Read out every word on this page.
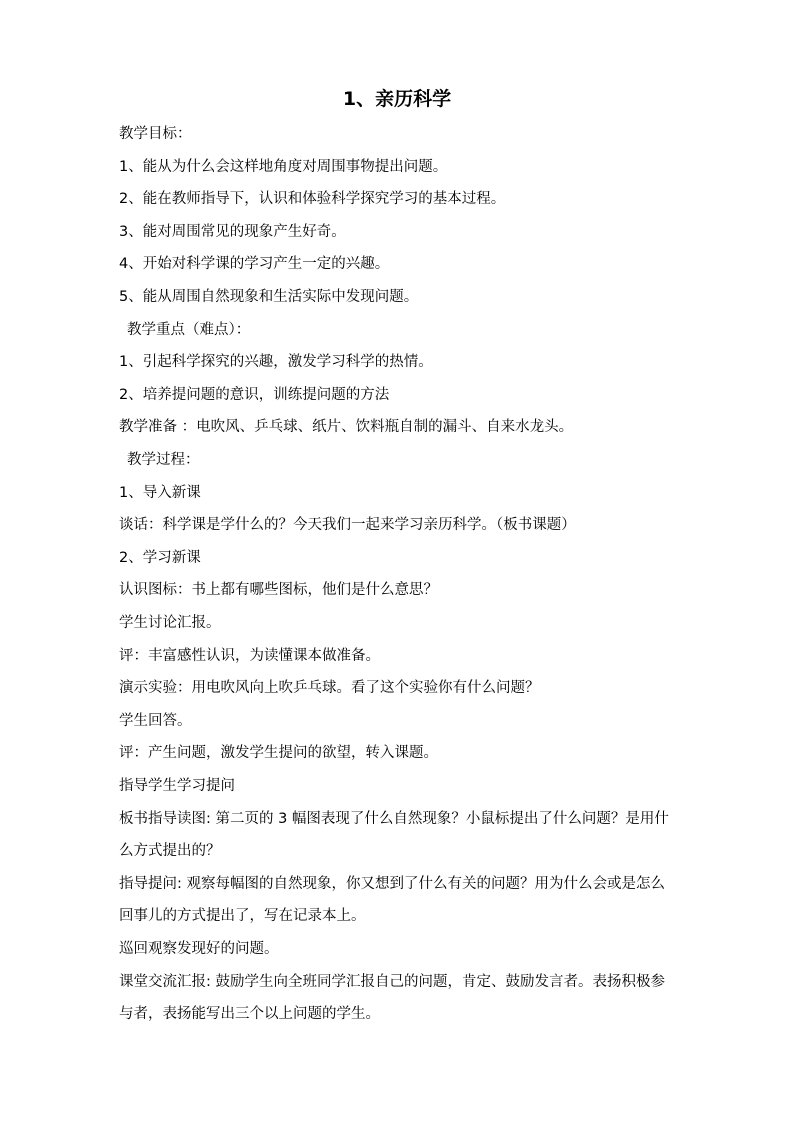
1、亲历科学
教学目标：
1、能从为什么会这样地角度对周围事物提出问题。
2、能在教师指导下，认识和体验科学探究学习的基本过程。
3、能对周围常见的现象产生好奇。
4、开始对科学课的学习产生一定的兴趣。
5、能从周围自然现象和生活实际中发现问题。
教学重点（难点）：
1、引起科学探究的兴趣，激发学习科学的热情。
2、培养提问题的意识，训练提问题的方法
教学准备 ：电吹风、乒乓球、纸片、饮料瓶自制的漏斗、自来水龙头。
教学过程：
1、导入新课
谈话：科学课是学什么的？今天我们一起来学习亲历科学。（板书课题）
2、学习新课
认识图标：书上都有哪些图标，他们是什么意思？
学生讨论汇报。
评：丰富感性认识，为读懂课本做准备。
演示实验：用电吹风向上吹乒乓球。看了这个实验你有什么问题？
学生回答。
评：产生问题，激发学生提问的欲望，转入课题。
指导学生学习提问
板书指导读图: 第二页的 3 幅图表现了什么自然现象？小鼠标提出了什么问题？是用什么方式提出的？
指导提问: 观察每幅图的自然现象，你又想到了什么有关的问题？用为什么会或是怎么回事儿的方式提出了，写在记录本上。
巡回观察发现好的问题。
课堂交流汇报: 鼓励学生向全班同学汇报自己的问题，肯定、鼓励发言者。表扬积极参与者，表扬能写出三个以上问题的学生。
